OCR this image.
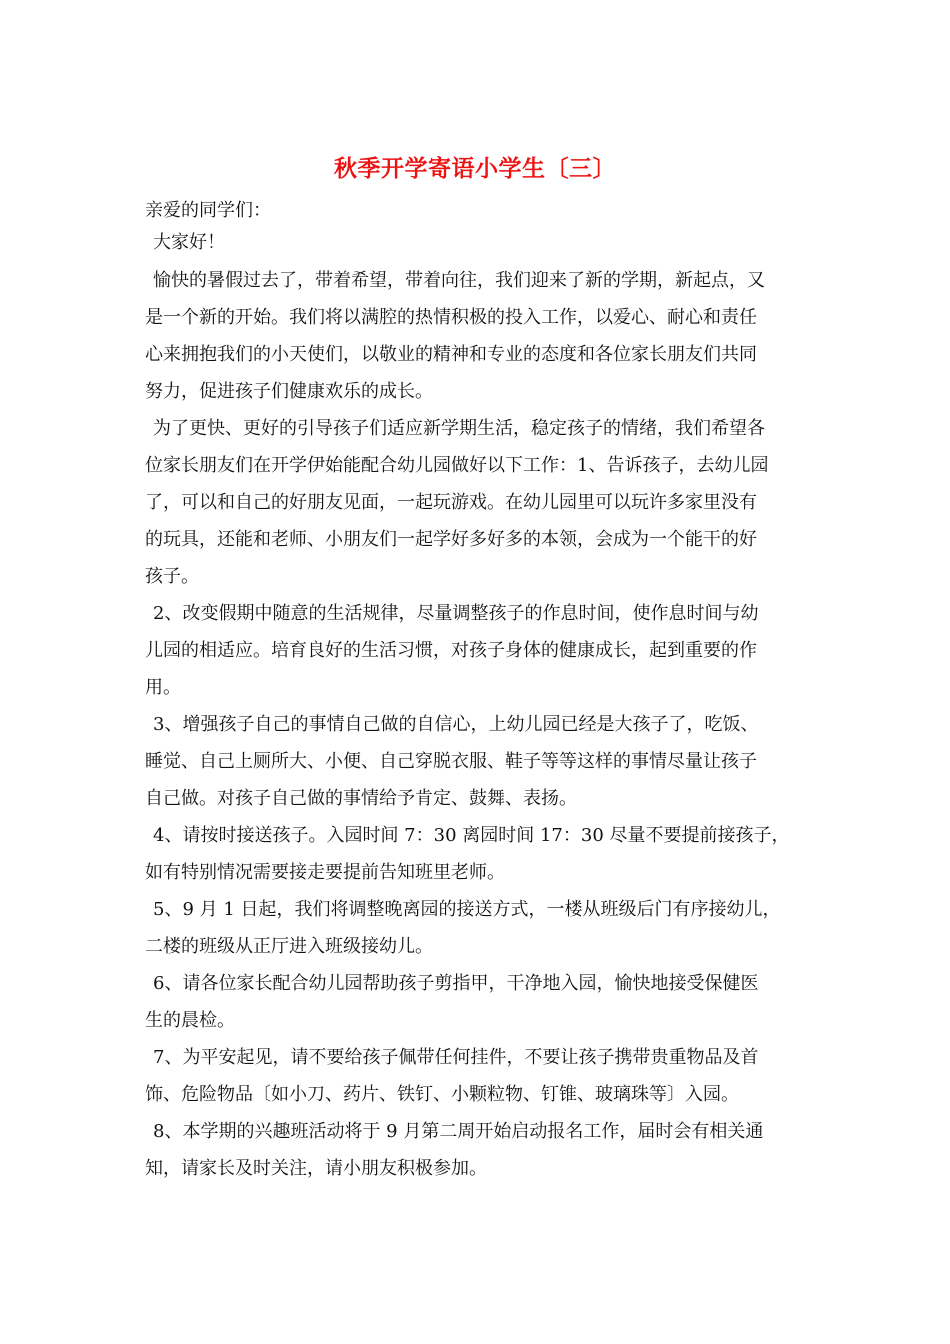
秋季开学寄语小学生〔三〕

亲爱的同学们：

大家好！

愉快的暑假过去了，带着希望，带着向往，我们迎来了新的学期，新起点，又

是一个新的开始。我们将以满腔的热情积极的投入工作，以爱心、耐心和责任

心来拥抱我们的小天使们，以敬业的精神和专业的态度和各位家长朋友们共同

努力，促进孩子们健康欢乐的成长。

为了更快、更好的引导孩子们适应新学期生活，稳定孩子的情绪，我们希望各

位家长朋友们在开学伊始能配合幼儿园做好以下工作：1、告诉孩子，去幼儿园

了，可以和自己的好朋友见面，一起玩游戏。在幼儿园里可以玩许多家里没有

的玩具，还能和老师、小朋友们一起学好多好多的本领，会成为一个能干的好

孩子。

2、改变假期中随意的生活规律，尽量调整孩子的作息时间，使作息时间与幼

儿园的相适应。培育良好的生活习惯，对孩子身体的健康成长，起到重要的作

用。

3、增强孩子自己的事情自己做的自信心，上幼儿园已经是大孩子了，吃饭、

睡觉、自己上厕所大、小便、自己穿脱衣服、鞋子等等这样的事情尽量让孩子

自己做。对孩子自己做的事情给予肯定、鼓舞、表扬。

4、请按时接送孩子。入园时间 7：30 离园时间 17：30 尽量不要提前接孩子，

如有特别情况需要接走要提前告知班里老师。

5、9 月 1 日起，我们将调整晚离园的接送方式，一楼从班级后门有序接幼儿，

二楼的班级从正厅进入班级接幼儿。

6、请各位家长配合幼儿园帮助孩子剪指甲，干净地入园，愉快地接受保健医

生的晨检。

7、为平安起见，请不要给孩子佩带任何挂件，不要让孩子携带贵重物品及首

饰、危险物品〔如小刀、药片、铁钉、小颗粒物、钉锥、玻璃珠等〕入园。

8、本学期的兴趣班活动将于 9 月第二周开始启动报名工作，届时会有相关通

知，请家长及时关注，请小朋友积极参加。
